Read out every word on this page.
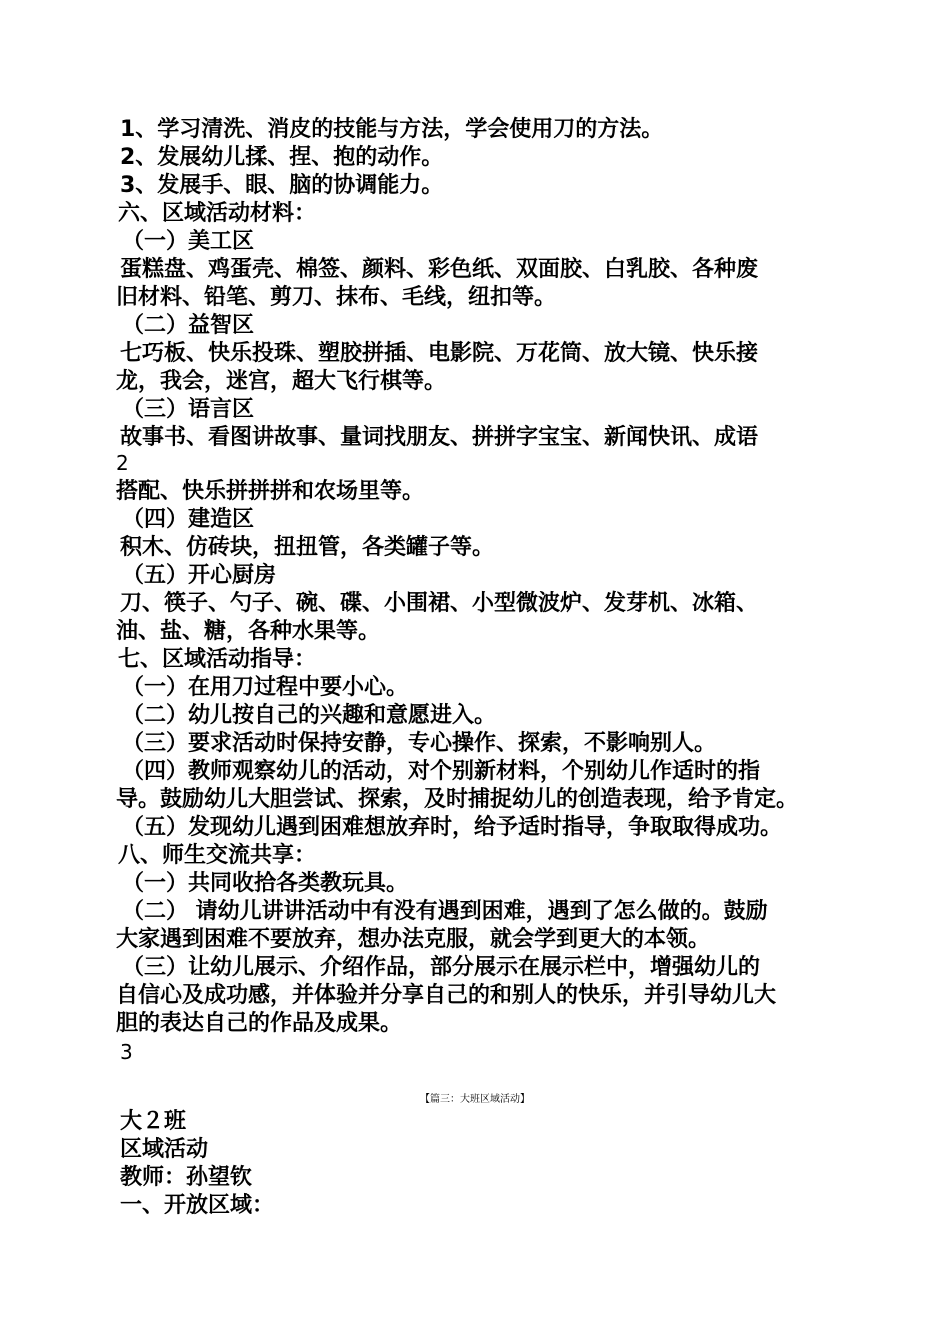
1、学习清洗、消皮的技能与方法，学会使用刀的方法。
2、发展幼儿揉、捏、抱的动作。
3、发展手、眼、脑的协调能力。
六、区域活动材料：
（一）美工区
蛋糕盘、鸡蛋壳、棉签、颜料、彩色纸、双面胶、白乳胶、各种废
旧材料、铅笔、剪刀、抹布、毛线，纽扣等。
（二）益智区
七巧板、快乐投珠、塑胶拼插、电影院、万花筒、放大镜、快乐接
龙，我会，迷宫，超大飞行棋等。
（三）语言区
故事书、看图讲故事、量词找朋友、拼拼字宝宝、新闻快讯、成语
2
搭配、快乐拼拼拼和农场里等。
（四）建造区
积木、仿砖块，扭扭管，各类罐子等。
（五）开心厨房
刀、筷子、勺子、碗、碟、小围裙、小型微波炉、发芽机、冰箱、
油、盐、糖，各种水果等。
七、区域活动指导：
（一）在用刀过程中要小心。
（二）幼儿按自己的兴趣和意愿进入。
（三）要求活动时保持安静，专心操作、探索，不影响别人。
（四）教师观察幼儿的活动，对个别新材料，个别幼儿作适时的指
导。鼓励幼儿大胆尝试、探索，及时捕捉幼儿的创造表现，给予肯定。
（五）发现幼儿遇到困难想放弃时，给予适时指导，争取取得成功。
八、师生交流共享：
（一）共同收拾各类教玩具。
（二） 请幼儿讲讲活动中有没有遇到困难，遇到了怎么做的。鼓励
大家遇到困难不要放弃，想办法克服，就会学到更大的本领。
（三）让幼儿展示、介绍作品，部分展示在展示栏中，增强幼儿的
自信心及成功感，并体验并分享自己的和别人的快乐，并引导幼儿大
胆的表达自己的作品及成果。
3
【篇三：大班区域活动】
大２班
区域活动
教师：孙望钦
一、开放区域：
